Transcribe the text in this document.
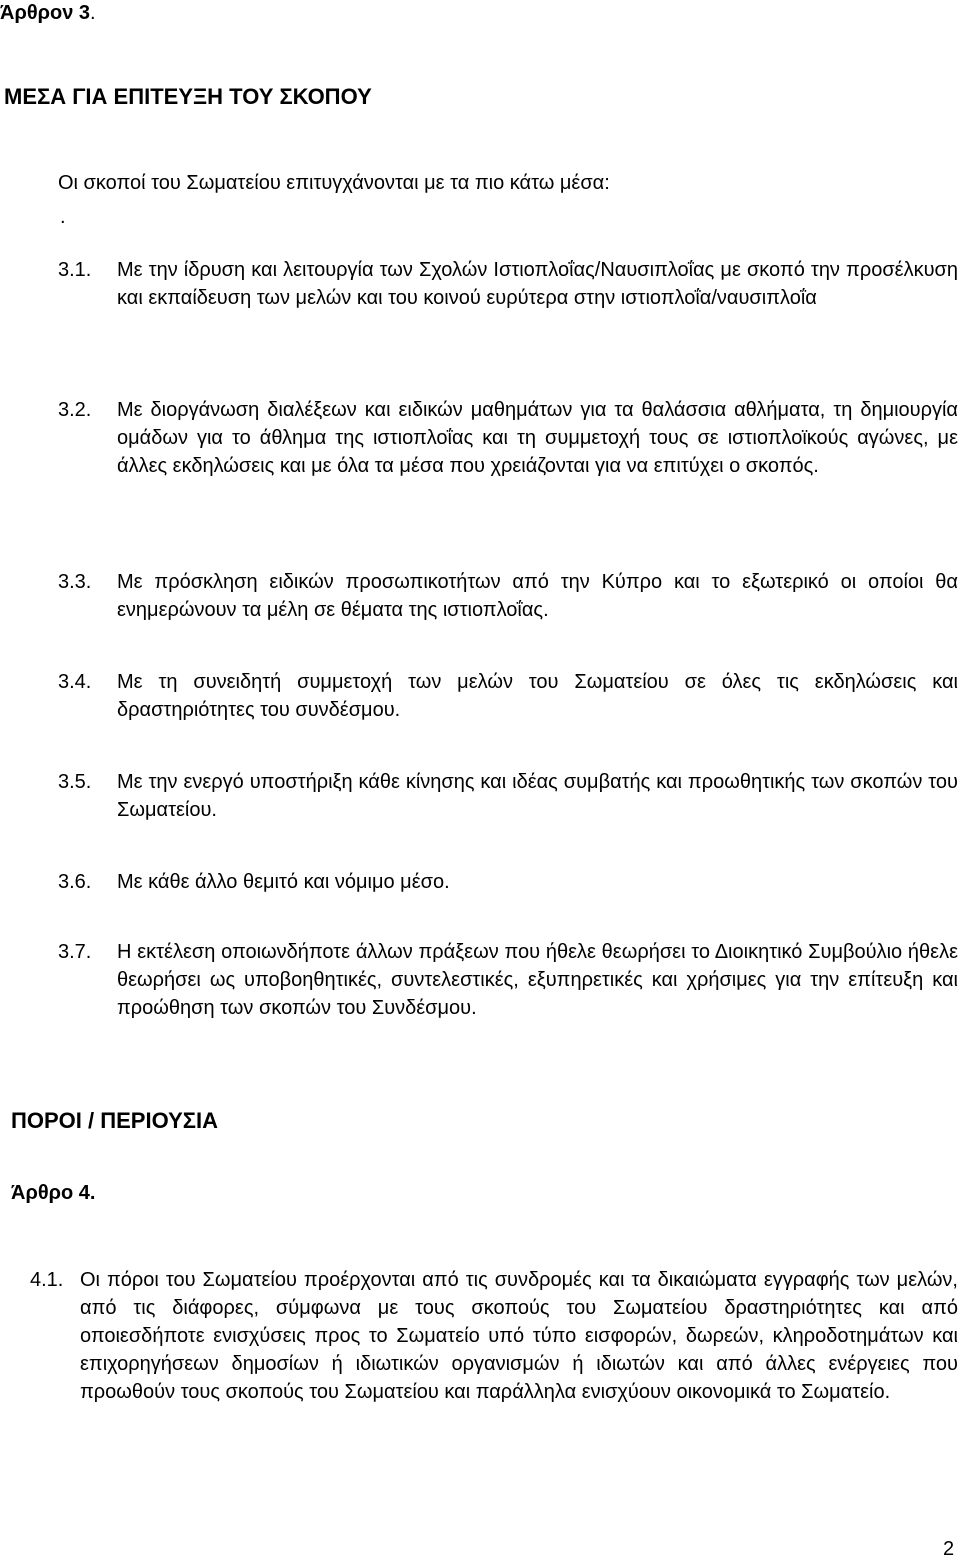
Άρθρον 3.
ΜΕΣΑ ΓΙΑ ΕΠΙΤΕΥΞΗ ΤΟΥ ΣΚΟΠΟΥ
Οι σκοποί του Σωματείου επιτυγχάνονται με τα πιο κάτω μέσα:
.
3.1. Με την ίδρυση και λειτουργία των Σχολών Ιστιοπλοΐας/Ναυσιπλοΐας με σκοπό την προσέλκυση και εκπαίδευση των μελών και του κοινού ευρύτερα στην ιστιοπλοΐα/ναυσιπλοΐα
3.2. Με διοργάνωση διαλέξεων και ειδικών μαθημάτων για τα θαλάσσια αθλήματα, τη δημιουργία ομάδων για το άθλημα της ιστιοπλοΐας και τη συμμετοχή τους σε ιστιοπλοϊκούς αγώνες, με άλλες εκδηλώσεις και με όλα τα μέσα που χρειάζονται για να επιτύχει ο σκοπός.
3.3. Με πρόσκληση ειδικών προσωπικοτήτων από την Κύπρο και το εξωτερικό οι οποίοι θα ενημερώνουν τα μέλη σε θέματα της ιστιοπλοΐας.
3.4. Με τη συνειδητή συμμετοχή των μελών του Σωματείου σε όλες τις εκδηλώσεις και δραστηριότητες του συνδέσμου.
3.5. Με την ενεργό υποστήριξη κάθε κίνησης και ιδέας συμβατής και προωθητικής των σκοπών του Σωματείου.
3.6. Με κάθε άλλο θεμιτό και νόμιμο μέσο.
3.7. Η εκτέλεση οποιωνδήποτε άλλων πράξεων που ήθελε θεωρήσει το Διοικητικό Συμβούλιο ήθελε θεωρήσει ως υποβοηθητικές, συντελεστικές, εξυπηρετικές και χρήσιμες για την επίτευξη και προώθηση των σκοπών του Συνδέσμου.
ΠΟΡΟΙ / ΠΕΡΙΟΥΣΙΑ
Άρθρο 4.
4.1. Οι πόροι του Σωματείου προέρχονται από τις συνδρομές και τα δικαιώματα εγγραφής των μελών, από τις διάφορες, σύμφωνα με τους σκοπούς του Σωματείου δραστηριότητες και από οποιεσδήποτε ενισχύσεις προς το Σωματείο υπό τύπο εισφορών, δωρεών, κληροδοτημάτων και επιχορηγήσεων δημοσίων ή ιδιωτικών οργανισμών ή ιδιωτών και από άλλες ενέργειες που προωθούν τους σκοπούς του Σωματείου και παράλληλα ενισχύουν οικονομικά το Σωματείο.
2
